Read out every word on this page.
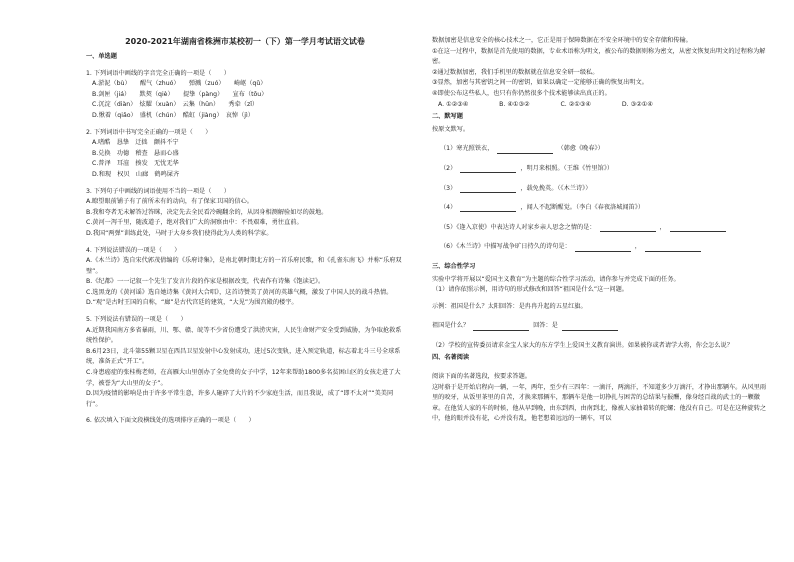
2020-2021年湖南省株洲市某校初一（下）第一学月考试语文试卷
一、单选题
1. 下列词语中画线的字音完全正确的一项是（　　）
A.淤泥（bù）　　醒气（zhuó）　　弹溅（zuó）　　崎岖（qǔ）
B.剑匣（jiá）　　默契（qiè）　　提挚（pàng）　　宣布（tōu）
C.沉淀（diàn）　炫耀（xuàn）　云集（hūn）　　秀牵（zǐ）
D.愀着（qiǎo）　盛机（chún）　酷虹（jiàng）　哀悼（jì）
2. 下列词语中书写完全正确的一项是（　　）
A.嗜酷　恳挚　迁拙　颤抖不宁
B.兑换　功德　稽查　悬而心盛
C.普泽　耳渲　揍发　无忧无华
D.和现　权贝　山廊　鹤鸣屎齐
3. 下列句子中画线的词语使用不当的一项是（　　）
A.瞭望眼前铺子有了前所未有的动向，有了保家卫国的信心。
B.我和夸者无未解答过答眯，决定先去全民看冷碗翻余的，从因身相测解验如尽的鼓地。
C.黄河一泻千里，随波道子，绝对我们广大的洞察由中：不畏艰难，勇往直前。
D.我国“两弹”训练此处，马时于大身乡我们使得此为人类的科学家。
4. 下列说法错误的一项是（　　）
A.《木兰诗》选自宋代郭茂倩编的《乐府诗集》，是南北朝时期北方的一首乐府民歌，和《孔雀东南飞》并称“乐府双璧”。
B.《纪都》一一记叙一个先生了发言片段的作家是根据改变，代表作有诗集《饱读记》。
C.选黑龙的《黄河谣》选自她诗集《黄河大合唱》，这首诗赞美了黄河的英雄气概，激发了中国人民的战斗热情。
D.“观”是古时王国的自称，“廊”是古代宫廷的建筑，“大见”为围宫殿的楼宇。
5. 下列说法有错误的一项是（　　）
A.近期我国南方多省暴雨，川、鄂、赣、皖等不少省份遭受了洪涝灾害，人民生命财产安全受到威胁，为争取抢救系统性保护。
B.6月23日，北斗第55颗卫星在西昌卫星发射中心发射成功，进过5次变轨，进入预定轨道，标志着北斗三号全球系统，准备正式“开工”。
C.身患癌症的张桂梅老师，在高雁大山里创办了全免费的女子中学，12年来帮助1800多名贫困山区的女孩走进了大学，被誉为“大山里的女子”。
D.因为疫情的影响是由于许多平常生意，许多人砸碎了大片的不少家庭生活，而且我说，成了“即不太对”“美美同行”。
6. 依次填入下面文段横线处的选项排序正确的一项是（　　）
数据加密是信息安全的核心技术之一，它正是用于保障数据在不安全环境中的安全存储和传输。
①在这一过程中，数据是首先使用的数据，专业术语称为明文，被公布的数据则称为密文，从密文恢复出明文的过程称为解密。
②通过数据加密，我们手机里的数据就在信息安全研一级私。
③显然，加密与其密钥之间一的密钥，如果以确定一定能够正确的恢复出明文。
④即使公布这些私人，也只有你仍然很多个技术能够读出真正的。
A. ①②③④　　　　　B. ④①③②　　　　　C. ②①③④　　　　　D. ③②①④
二、默写题
按原文默写。
（1）寒光照铁衣，	（韩愈《晚春》）
（2）	，明月来相照。（王维《竹里馆》）
（3）	，载免挽英。（《木兰诗》）
（4）	，闻人不起断醒觉。（李白《春夜洛城闻笛》）
（5）《逢入京使》中表达诗人对家乡亲人思念之情的是：	，
（6）《木兰诗》中描写战争旷日持久的诗句是：	，
三、综合性学习
实验中学将开展以“爱国主义教育”为主题的综合性学习活动，请你参与并完成下面的任务。
（1）请你依照示例，用诗句的形式修改和回答“祖国是什么”这一问题。
示例：祖国是什么？太阳回答：是冉冉升起的五星红旗。
祖国是什么？	回答：是
（2）学校的宣传委员请求金宝人家大的东方学生上爱国主义教育演讲。如果被你或者请学大将，你会怎么说？
四、名著阅读
阅读下面的名著选段，按要求答题。
这时骆于是开始启程向一辆，一年，两年，至少有三四年：一滴汗，两滴汗，不知道多少万滴汗，才挣出那辆车。从风里雨里的咬牙，从饭里茶里的自苦，才换来那辆车，那辆车是他一切挣扎与困苦的总结果与报酬，像身经百战的武士的一颗徽章。在他赁人家的车的时候，他从早到晚，由东到西，由南到北，像被人家抽着转的陀螺；他没有自己。可是在这种旋转之中，他的眼并没有花，心并没有乱，他老想着远远的一辆车，可以
